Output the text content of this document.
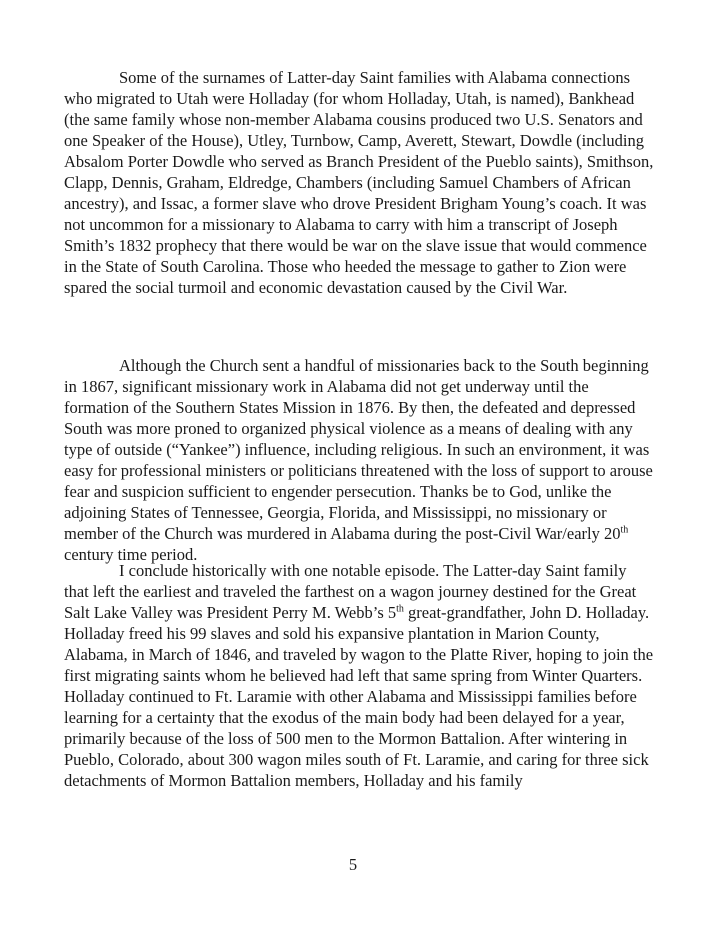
Some of the surnames of Latter-day Saint families with Alabama connections who migrated to Utah were Holladay (for whom Holladay, Utah, is named), Bankhead (the same family whose non-member Alabama cousins produced two U.S. Senators and one Speaker of the House), Utley, Turnbow, Camp, Averett, Stewart, Dowdle (including Absalom Porter Dowdle who served as Branch President of the Pueblo saints), Smithson, Clapp, Dennis, Graham, Eldredge, Chambers (including Samuel Chambers of African ancestry), and Issac, a former slave who drove President Brigham Young’s coach. It was not uncommon for a missionary to Alabama to carry with him a transcript of Joseph Smith’s 1832 prophecy that there would be war on the slave issue that would commence in the State of South Carolina. Those who heeded the message to gather to Zion were spared the social turmoil and economic devastation caused by the Civil War.

Although the Church sent a handful of missionaries back to the South beginning in 1867, significant missionary work in Alabama did not get underway until the formation of the Southern States Mission in 1876. By then, the defeated and depressed South was more proned to organized physical violence as a means of dealing with any type of outside (“Yankee”) influence, including religious. In such an environment, it was easy for professional ministers or politicians threatened with the loss of support to arouse fear and suspicion sufficient to engender persecution. Thanks be to God, unlike the adjoining States of Tennessee, Georgia, Florida, and Mississippi, no missionary or member of the Church was murdered in Alabama during the post-Civil War/early 20th century time period.

I conclude historically with one notable episode. The Latter-day Saint family that left the earliest and traveled the farthest on a wagon journey destined for the Great Salt Lake Valley was President Perry M. Webb’s 5th great-grandfather, John D. Holladay. Holladay freed his 99 slaves and sold his expansive plantation in Marion County, Alabama, in March of 1846, and traveled by wagon to the Platte River, hoping to join the first migrating saints whom he believed had left that same spring from Winter Quarters. Holladay continued to Ft. Laramie with other Alabama and Mississippi families before learning for a certainty that the exodus of the main body had been delayed for a year, primarily because of the loss of 500 men to the Mormon Battalion. After wintering in Pueblo, Colorado, about 300 wagon miles south of Ft. Laramie, and caring for three sick detachments of Mormon Battalion members, Holladay and his family

5
